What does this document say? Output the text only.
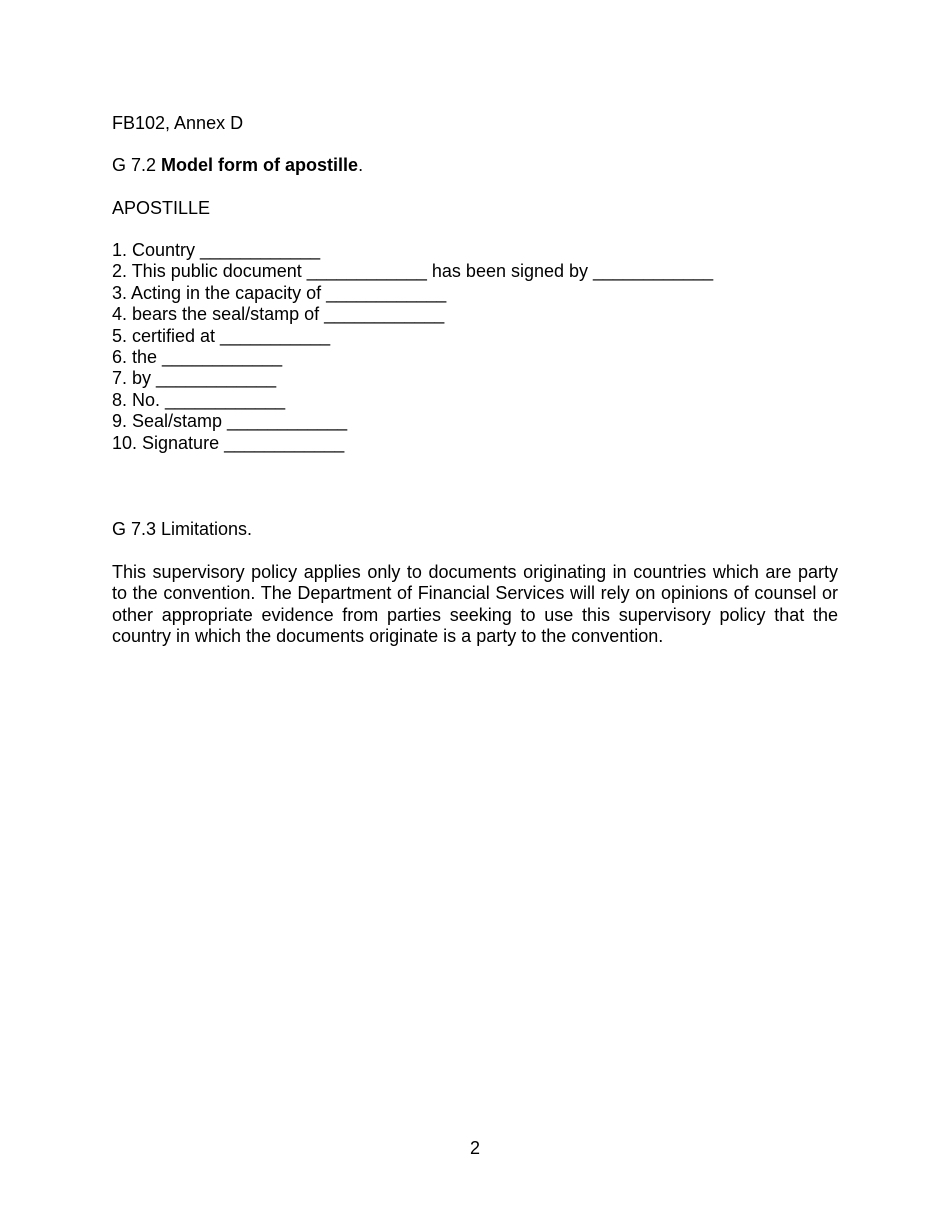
FB102, Annex D
G 7.2 Model form of apostille.
APOSTILLE
1. Country ____________
2. This public document ____________ has been signed by ____________
3. Acting in the capacity of ____________
4. bears the seal/stamp of ____________
5. certified at ___________
6. the ____________
7. by ____________
8. No. ____________
9. Seal/stamp ____________
10. Signature ____________
G 7.3 Limitations.

This supervisory policy applies only to documents originating in countries which are party to the convention. The Department of Financial Services will rely on opinions of counsel or other appropriate evidence from parties seeking to use this supervisory policy that the country in which the documents originate is a party to the convention.

2
